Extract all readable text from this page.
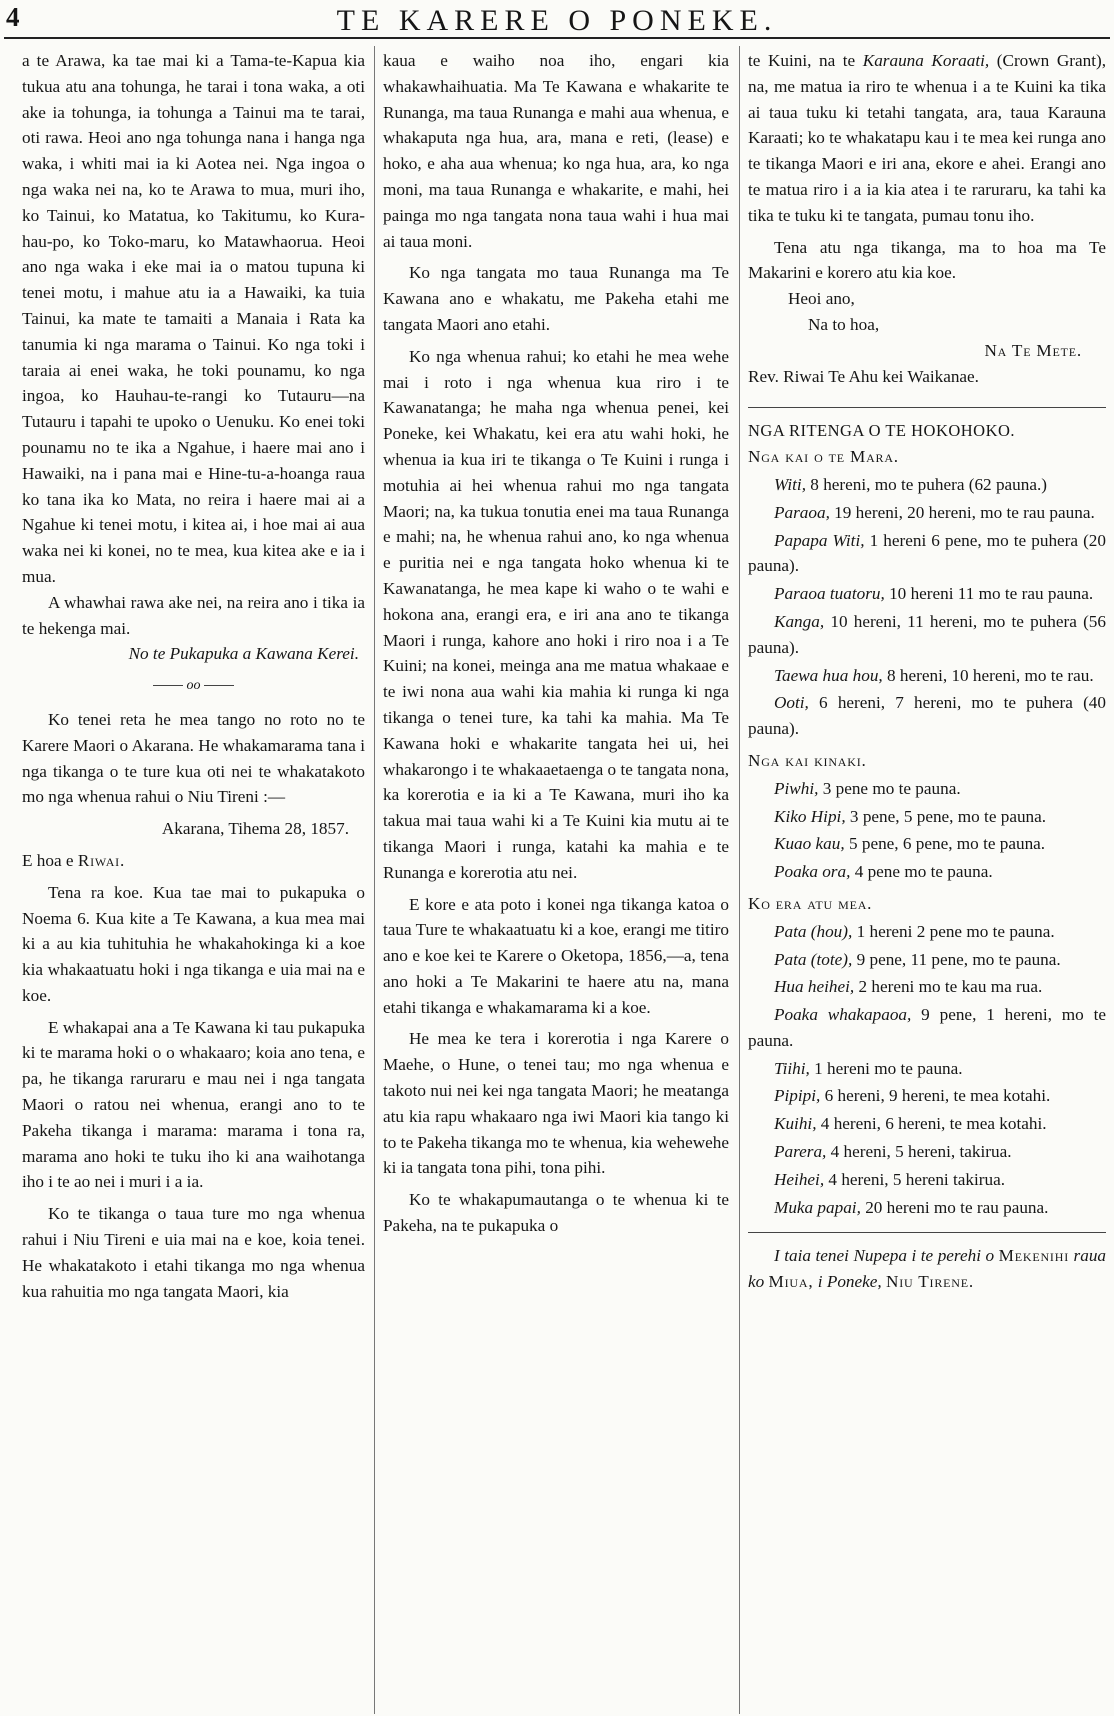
4	TE KARERE O PONEKE.

a te Arawa, ka tae mai ki a Tama-te-Kapua kia tukua atu ana tohunga, he tarai i tona waka, a oti ake ia tohunga, ia tohunga a Tainui ma te tarai, oti rawa. Heoi ano nga tohunga nana i hanga nga waka, i whiti mai ia ki Aotea nei. Nga ingoa o nga waka nei na, ko te Arawa to mua, muri iho, ko Tainui, ko Matatua, ko Takitumu, ko Kura-hau-po, ko Toko-maru, ko Matawhaorua. Heoi ano nga waka i eke mai ia o matou tupuna ki tenei motu, i mahue atu ia a Hawaiki, ka tuia Tainui, ka mate te tamaiti a Manaia i Rata ka tanumia ki nga marama o Tainui. Ko nga toki i taraia ai enei waka, he toki pounamu, ko nga ingoa, ko Hauhau-te-rangi ko Tutauru—na Tutauru i tapahi te upoko o Uenuku. Ko enei toki pounamu no te ika a Ngahue, i haere mai ano i Hawaiki, na i pana mai e Hine-tu-a-hoanga raua ko tana ika ko Mata, no reira i haere mai ai a Ngahue ki tenei motu, i kitea ai, i hoe mai ai aua waka nei ki konei, no te mea, kua kitea ake e ia i mua.

A whawhai rawa ake nei, na reira ano i tika ia te hekenga mai.

No te Pukapuka a Kawana Kerei.

oo

Ko tenei reta he mea tango no roto no te Karere Maori o Akarana. He whakamarama tana i nga tikanga o te ture kua oti nei te whakatakoto mo nga whenua rahui o Niu Tireni :—

Akarana, Tihema 28, 1857.

E hoa e Riwai.

Tena ra koe. Kua tae mai to pukapuka o Noema 6. Kua kite a Te Kawana, a kua mea mai ki a au kia tuhituhia he whakahokinga ki a koe kia whakaatuatu hoki i nga tikanga e uia mai na e koe.

E whakapai ana a Te Kawana ki tau pukapuka ki te marama hoki o o whakaaro; koia ano tena, e pa, he tikanga raruraru e mau nei i nga tangata Maori o ratou nei whenua, erangi ano to te Pakeha tikanga i marama: marama i tona ra, marama ano hoki te tuku iho ki ana waihotanga iho i te ao nei i muri i a ia.

Ko te tikanga o taua ture mo nga whenua rahui i Niu Tireni e uia mai na e koe, koia tenei. He whakatakoto i etahi tikanga mo nga whenua kua rahuitia mo nga tangata Maori, kia

kaua e waiho noa iho, engari kia whakawhaihuatia. Ma Te Kawana e whakarite te Runanga, ma taua Runanga e mahi aua whenua, e whakaputa nga hua, ara, mana e reti, (lease) e hoko, e aha aua whenua; ko nga hua, ara, ko nga moni, ma taua Runanga e whakarite, e mahi, hei painga mo nga tangata nona taua wahi i hua mai ai taua moni.

Ko nga tangata mo taua Runanga ma Te Kawana ano e whakatu, me Pakeha etahi me tangata Maori ano etahi.

Ko nga whenua rahui; ko etahi he mea wehe mai i roto i nga whenua kua riro i te Kawanatanga; he maha nga whenua penei, kei Poneke, kei Whakatu, kei era atu wahi hoki, he whenua ia kua iri te tikanga o Te Kuini i runga i motuhia ai hei whenua rahui mo nga tangata Maori; na, ka tukua tonutia enei ma taua Runanga e mahi; na, he whenua rahui ano, ko nga whenua e puritia nei e nga tangata hoko whenua ki te Kawanatanga, he mea kape ki waho o te wahi e hokona ana, erangi era, e iri ana ano te tikanga Maori i runga, kahore ano hoki i riro noa i a Te Kuini; na konei, meinga ana me matua whakaae e te iwi nona aua wahi kia mahia ki runga ki nga tikanga o tenei ture, ka tahi ka mahia. Ma Te Kawana hoki e whakarite tangata hei ui, hei whakarongo i te whakaaetaenga o te tangata nona, ka korerotia e ia ki a Te Kawana, muri iho ka takua mai taua wahi ki a Te Kuini kia mutu ai te tikanga Maori i runga, katahi ka mahia e te Runanga e korerotia atu nei.

E kore e ata poto i konei nga tikanga katoa o taua Ture te whakaatuatu ki a koe, erangi me titiro ano e koe kei te Karere o Oketopa, 1856,—a, tena ano hoki a Te Makarini te haere atu na, mana etahi tikanga e whakamarama ki a koe.

He mea ke tera i korerotia i nga Karere o Maehe, o Hune, o tenei tau; mo nga whenua e takoto nui nei kei nga tangata Maori; he meatanga atu kia rapu whakaaro nga iwi Maori kia tango ki to te Pakeha tikanga mo te whenua, kia wehewehe ki ia tangata tona pihi, tona pihi.

Ko te whakapumautanga o te whenua ki te Pakeha, na te pukapuka o

te Kuini, na te Karauna Koraati, (Crown Grant), na, me matua ia riro te whenua i a te Kuini ka tika ai taua tuku ki tetahi tangata, ara, taua Karauna Karaati; ko te whakatapu kau i te mea kei runga ano te tikanga Maori e iri ana, ekore e ahei. Erangi ano te matua riro i a ia kia atea i te raruraru, ka tahi ka tika te tuku ki te tangata, pumau tonu iho.

Tena atu nga tikanga, ma to hoa ma Te Makarini e korero atu kia koe.

Heoi ano,

Na to hoa,

Na Te Mete.

Rev. Riwai Te Ahu kei Waikanae.

NGA RITENGA O TE HOKOHOKO.

Nga kai o te Mara.

Witi, 8 hereni, mo te puhera (62 pauna.)

Paraoa, 19 hereni, 20 hereni, mo te rau pauna.

Papapa Witi, 1 hereni 6 pene, mo te puhera (20 pauna).

Paraoa tuatoru, 10 hereni 11 mo te rau pauna.

Kanga, 10 hereni, 11 hereni, mo te puhera (56 pauna).

Taewa hua hou, 8 hereni, 10 hereni, mo te rau.

Ooti, 6 hereni, 7 hereni, mo te puhera (40 pauna).

Nga kai kinaki.

Piwhi, 3 pene mo te pauna.

Kiko Hipi, 3 pene, 5 pene, mo te pauna.

Kuao kau, 5 pene, 6 pene, mo te pauna.

Poaka ora, 4 pene mo te pauna.

Ko era atu mea.

Pata (hou), 1 hereni 2 pene mo te pauna.

Pata (tote), 9 pene, 11 pene, mo te pauna.

Hua heihei, 2 hereni mo te kau ma rua.

Poaka whakapaoa, 9 pene, 1 hereni, mo te pauna.

Tiihi, 1 hereni mo te pauna.

Pipipi, 6 hereni, 9 hereni, te mea kotahi.

Kuihi, 4 hereni, 6 hereni, te mea kotahi.

Parera, 4 hereni, 5 hereni, takirua.

Heihei, 4 hereni, 5 hereni takirua.

Muka papai, 20 hereni mo te rau pauna.

I taia tenei Nupepa i te perehi o Mekenihi raua ko Miua, i Poneke, Niu Tirene.
